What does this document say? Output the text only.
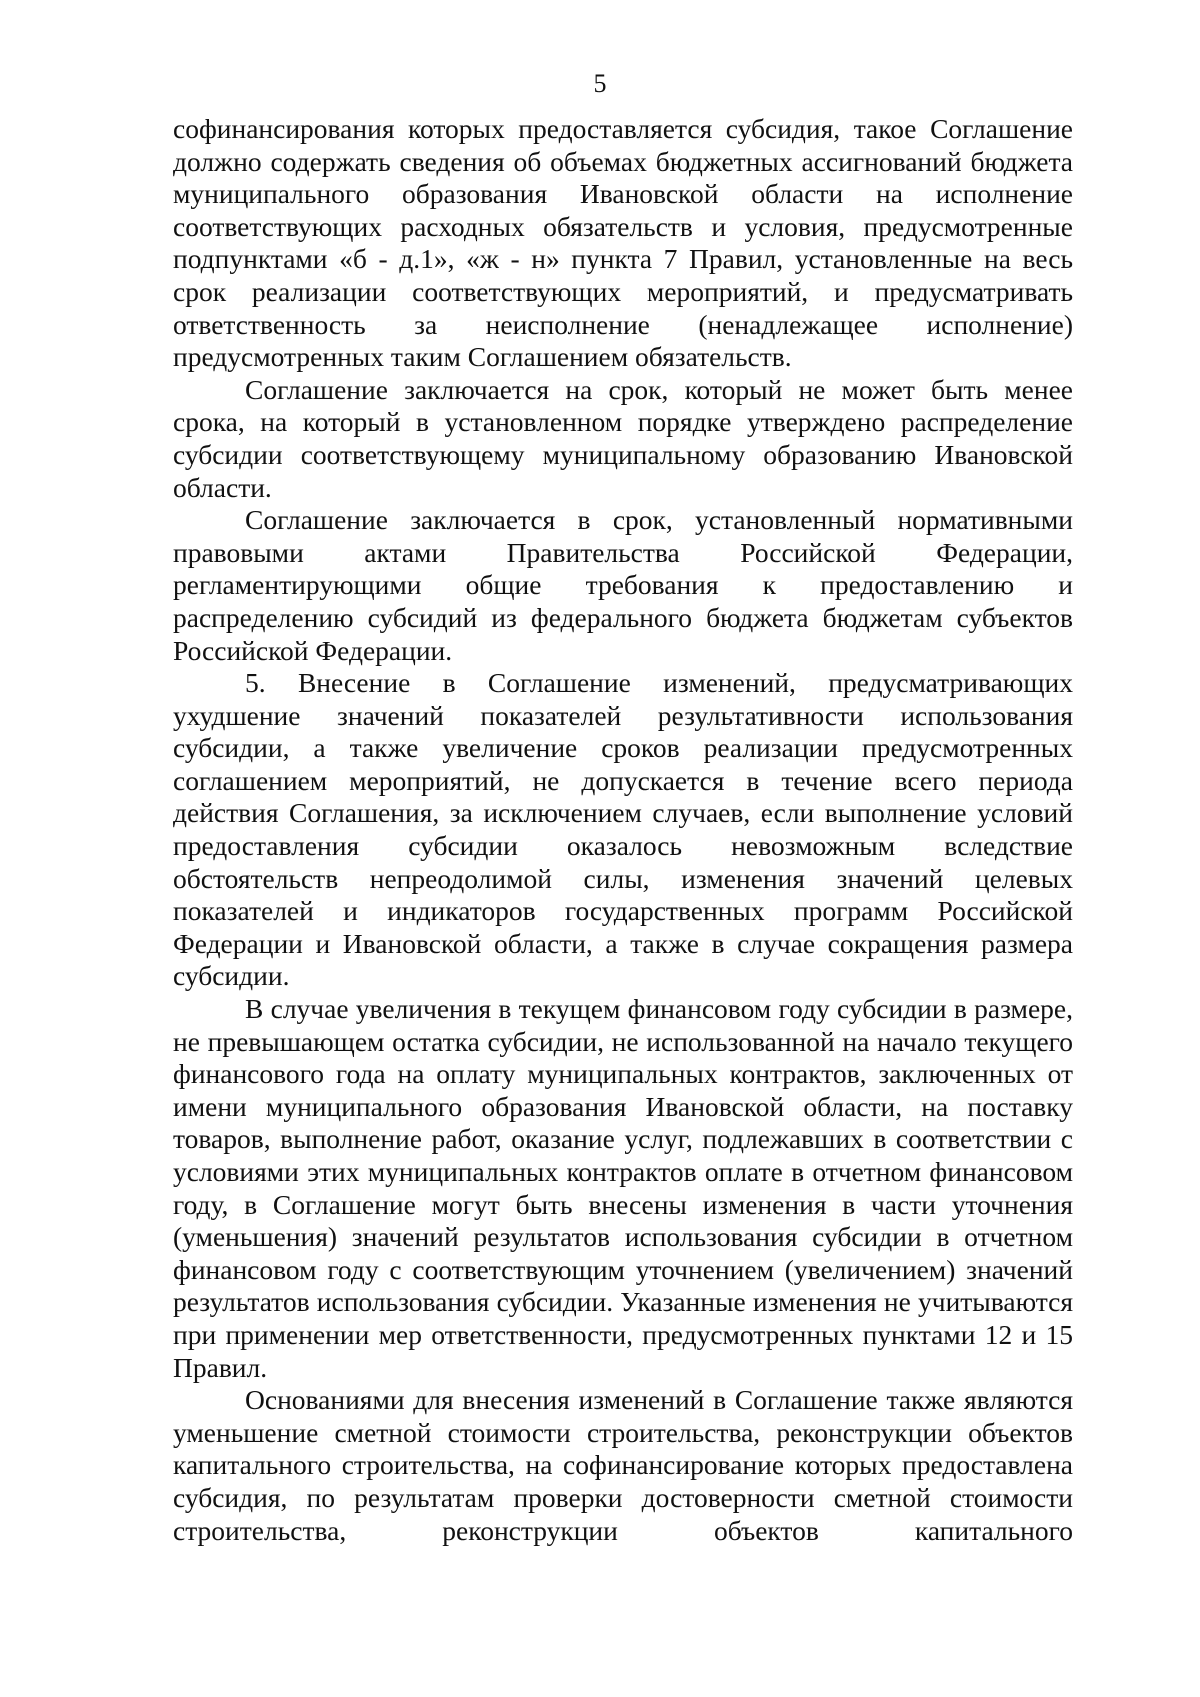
5

софинансирования которых предоставляется субсидия, такое Соглашение должно содержать сведения об объемах бюджетных ассигнований бюджета муниципального образования Ивановской области на исполнение соответствующих расходных обязательств и условия, предусмотренные подпунктами «б - д.1», «ж - н» пункта 7 Правил, установленные на весь срок реализации соответствующих мероприятий, и предусматривать ответственность за неисполнение (ненадлежащее исполнение) предусмотренных таким Соглашением обязательств.

Соглашение заключается на срок, который не может быть менее срока, на который в установленном порядке утверждено распределение субсидии соответствующему муниципальному образованию Ивановской области.

Соглашение заключается в срок, установленный нормативными правовыми актами Правительства Российской Федерации, регламентирующими общие требования к предоставлению и распределению субсидий из федерального бюджета бюджетам субъектов Российской Федерации.

5. Внесение в Соглашение изменений, предусматривающих ухудшение значений показателей результативности использования субсидии, а также увеличение сроков реализации предусмотренных соглашением мероприятий, не допускается в течение всего периода действия Соглашения, за исключением случаев, если выполнение условий предоставления субсидии оказалось невозможным вследствие обстоятельств непреодолимой силы, изменения значений целевых показателей и индикаторов государственных программ Российской Федерации и Ивановской области, а также в случае сокращения размера субсидии.

В случае увеличения в текущем финансовом году субсидии в размере, не превышающем остатка субсидии, не использованной на начало текущего финансового года на оплату муниципальных контрактов, заключенных от имени муниципального образования Ивановской области, на поставку товаров, выполнение работ, оказание услуг, подлежавших в соответствии с условиями этих муниципальных контрактов оплате в отчетном финансовом году, в Соглашение могут быть внесены изменения в части уточнения (уменьшения) значений результатов использования субсидии в отчетном финансовом году с соответствующим уточнением (увеличением) значений результатов использования субсидии. Указанные изменения не учитываются при применении мер ответственности, предусмотренных пунктами 12 и 15 Правил.

Основаниями для внесения изменений в Соглашение также являются уменьшение сметной стоимости строительства, реконструкции объектов капитального строительства, на софинансирование которых предоставлена субсидия, по результатам проверки достоверности сметной стоимости строительства, реконструкции объектов капитального
